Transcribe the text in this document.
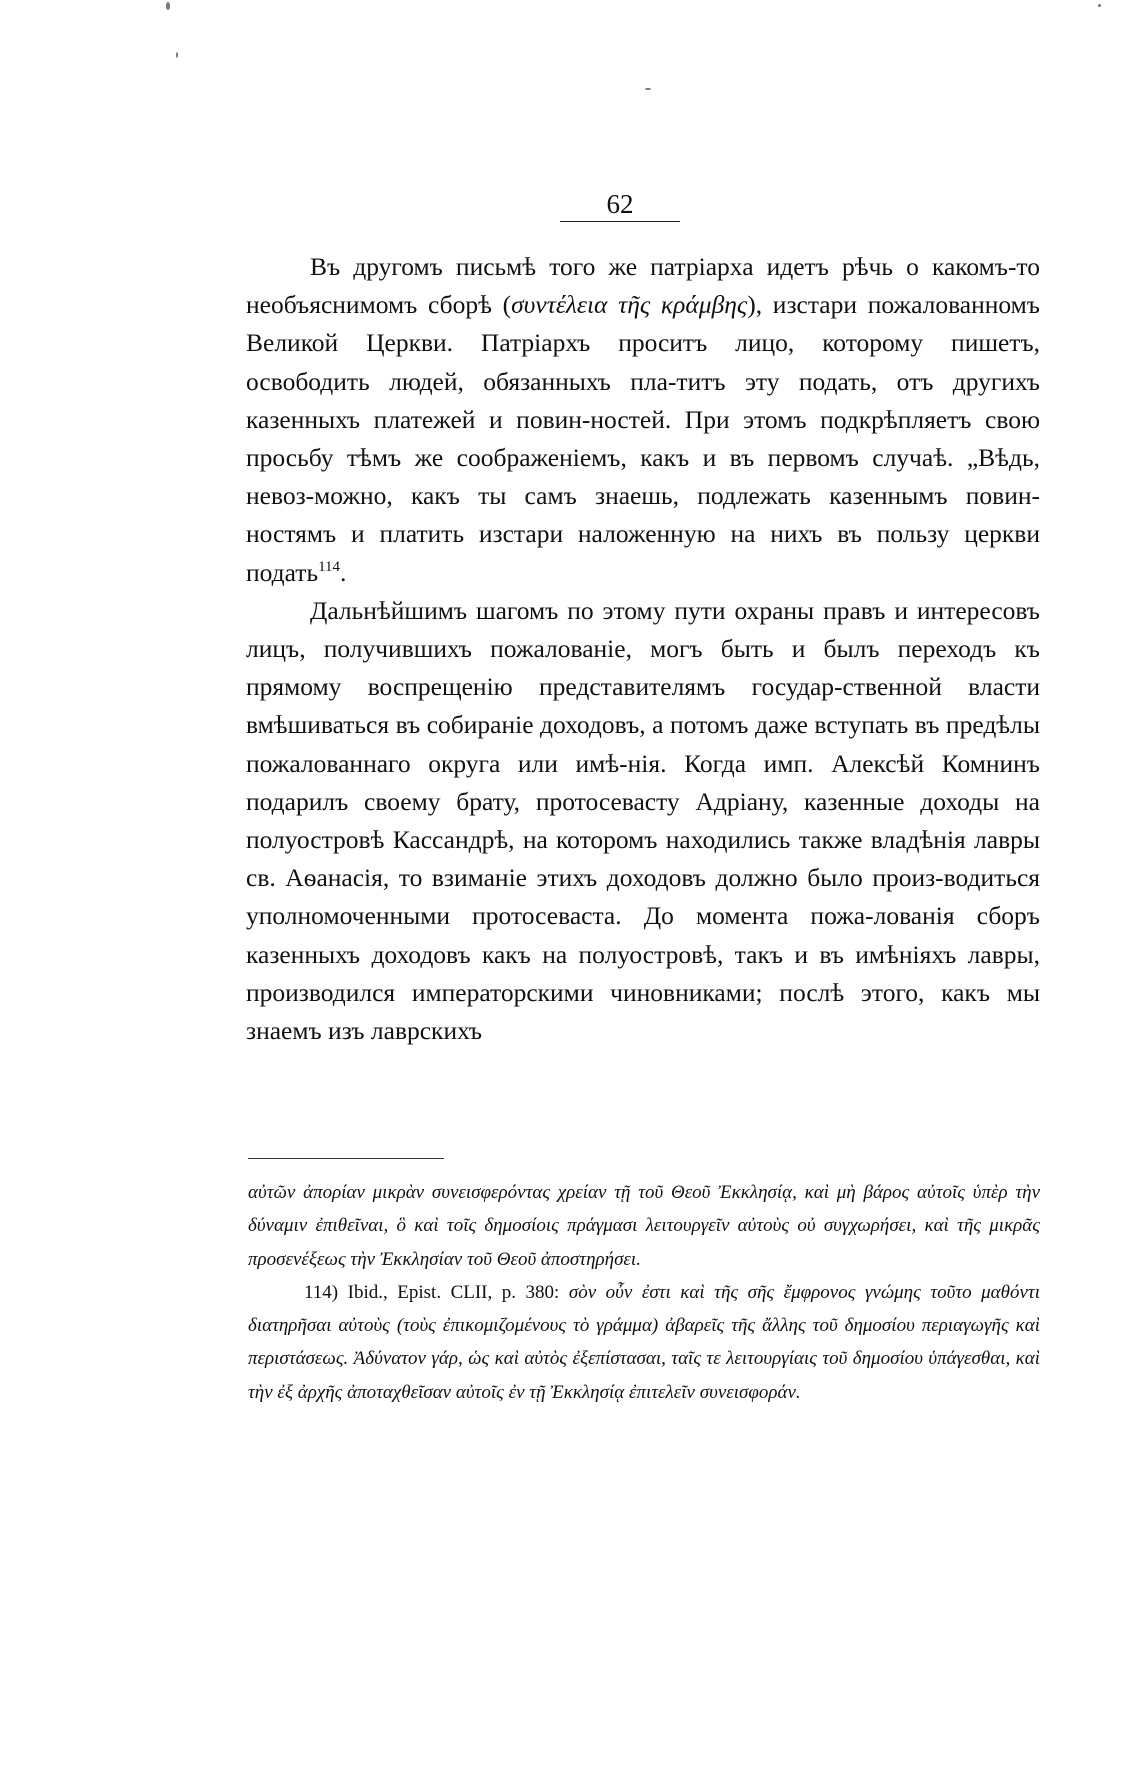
62

Въ другомъ письмѣ того же патріарха идетъ рѣчь о какомъ-то необъяснимомъ сборѣ (συντέλεια τῆς κράμβης), изстари пожалованномъ Великой Церкви. Патріархъ проситъ лицо, которому пишетъ, освободить людей, обязанныхъ пла-титъ эту подать, отъ другихъ казенныхъ платежей и повин-ностей. При этомъ подкрѣпляетъ свою просьбу тѣмъ же соображеніемъ, какъ и въ первомъ случаѣ. „Вѣдь, невоз-можно, какъ ты самъ знаешь, подлежать казеннымъ повин-ностямъ и платить изстари наложенную на нихъ въ пользу церкви подать$^{114}$.

Дальнѣйшимъ шагомъ по этому пути охраны правъ и интересовъ лицъ, получившихъ пожалованіе, могъ быть и былъ переходъ къ прямому воспрещенію представителямъ государ-ственной власти вмѣшиваться въ собираніе доходовъ, а потомъ даже вступать въ предѣлы пожалованнаго округа или имѣ-нія. Когда имп. Алексѣй Комнинъ подарилъ своему брату, протосевасту Адріану, казенные доходы на полуостровѣ Кассандрѣ, на которомъ находились также владѣнія лавры св. Аѳанасія, то взиманіе этихъ доходовъ должно было произ-водиться уполномоченными протосеваста. До момента пожа-лованія сборъ казенныхъ доходовъ какъ на полуостровѣ, такъ и въ имѣніяхъ лавры, производился императорскими чиновниками; послѣ этого, какъ мы знаемъ изъ лаврскихъ

αὐτῶν ἀπορίαν μικρὰν συνεισφερόντας χρείαν τῇ τοῦ Θεοῦ Ἐκκλησίᾳ, καὶ μὴ βάρος αὐτοῖς ὑπὲρ τὴν δύναμιν ἐπιθεῖναι, ὃ καὶ τοῖς δημοσίοις πράγμασι λειτουργεῖν αὐτοὺς οὐ συγχωρήσει, καὶ τῆς μικρᾶς προσενέξεως τὴν Ἐκκλησίαν τοῦ Θεοῦ ἀποστηρήσει.

114) Ibid., Epist. CLII, p. 380: σὸν οὖν ἐστι καὶ τῆς σῆς ἔμφρονος γνώμης τοῦτο μαθόντι διατηρῆσαι αὐτοὺς (τοὺς ἐπικομιζομένους τὸ γράμμα) ἀβαρεῖς τῆς ἄλλης τοῦ δημοσίου περιαγωγῆς καὶ περιστάσεως. Ἀδύνατον γάρ, ὡς καὶ αὐτὸς ἐξεπίστασαι, ταῖς τε λειτουργίαις τοῦ δημοσίου ὑπάγεσθαι, καὶ τὴν ἐξ ἀρχῆς ἀποταχθεῖσαν αὐτοῖς ἐν τῇ Ἐκκλησίᾳ ἐπιτελεῖν συνεισφοράν.
